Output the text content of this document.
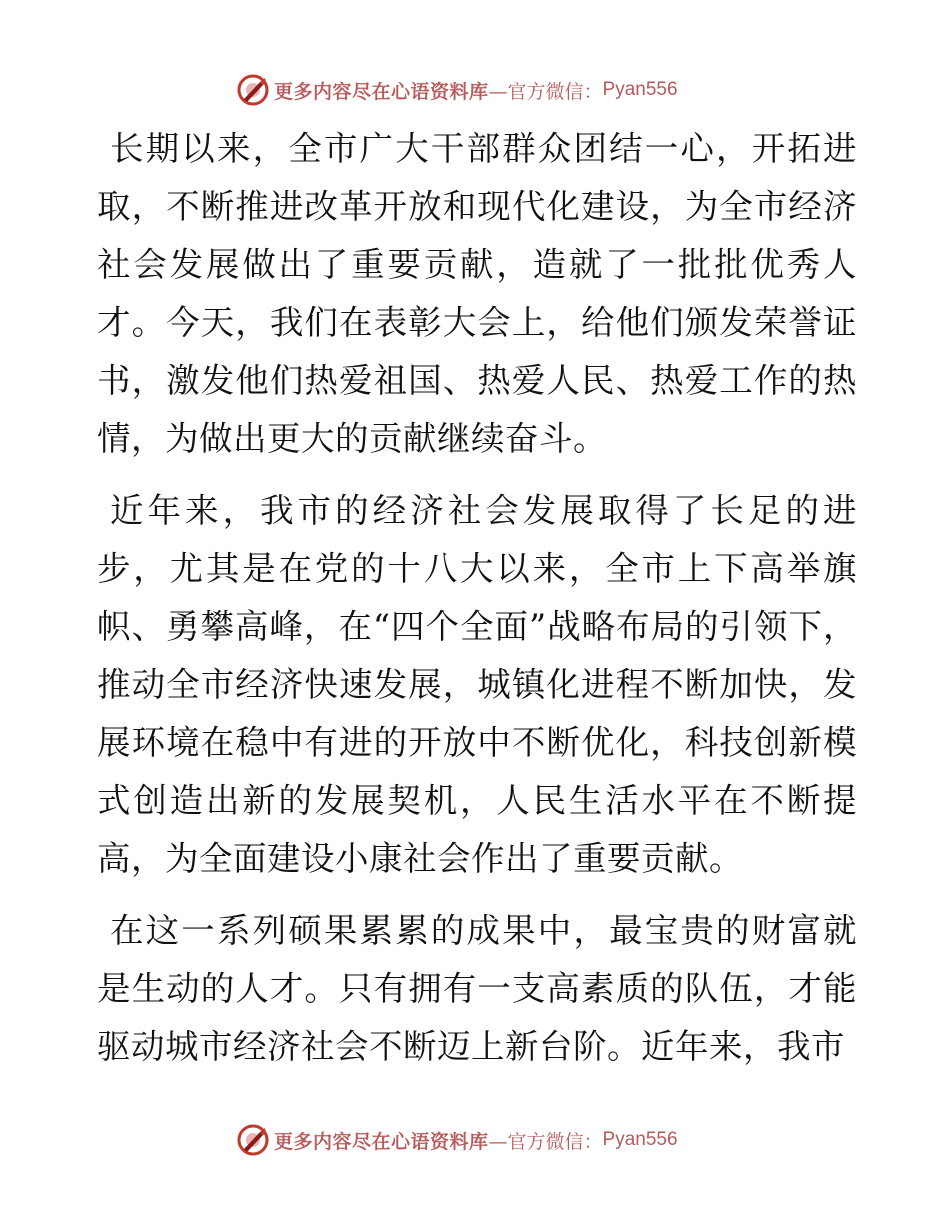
更多内容尽在心语资料库 —官方微信： Pyan556

长期以来，全市广大干部群众团结一心，开拓进取，不断推进改革开放和现代化建设，为全市经济社会发展做出了重要贡献，造就了一批批优秀人才。今天，我们在表彰大会上，给他们颁发荣誉证书，激发他们热爱祖国、热爱人民、热爱工作的热情，为做出更大的贡献继续奋斗。

近年来，我市的经济社会发展取得了长足的进步，尤其是在党的十八大以来，全市上下高举旗帜、勇攀高峰，在“四个全面”战略布局的引领下，推动全市经济快速发展，城镇化进程不断加快，发展环境在稳中有进的开放中不断优化，科技创新模式创造出新的发展契机，人民生活水平在不断提高，为全面建设小康社会作出了重要贡献。

在这一系列硕果累累的成果中，最宝贵的财富就是生动的人才。只有拥有一支高素质的队伍，才能驱动城市经济社会不断迈上新台阶。近年来，我市

更多内容尽在心语资料库 —官方微信： Pyan556
